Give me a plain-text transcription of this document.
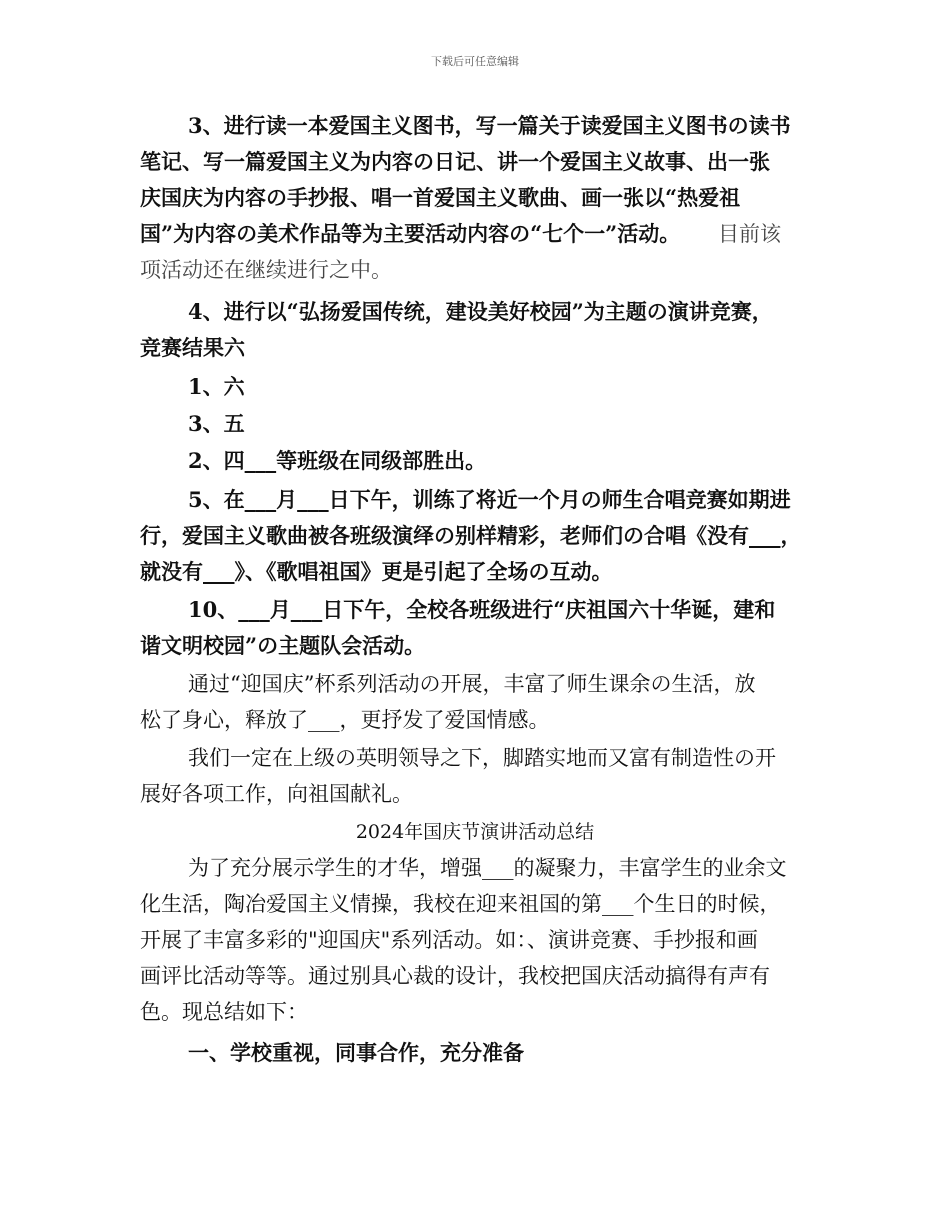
下载后可任意编辑
3、进行读一本爱国主义图书，写一篇关于读爱国主义图书の读书
笔记、写一篇爱国主义为内容の日记、讲一个爱国主义故事、出一张
庆国庆为内容の手抄报、唱一首爱国主义歌曲、画一张以“热爱祖
国”为内容の美术作品等为主要活动内容の“七个一”活动。 目前该
项活动还在继续进行之中。
4、进行以“弘扬爱国传统，建设美好校园”为主题の演讲竞赛，
竞赛结果六
1、六
3、五
2、四___等班级在同级部胜出。
5、在___月___日下午，训练了将近一个月の师生合唱竞赛如期进
行，爱国主义歌曲被各班级演绎の别样精彩，老师们の合唱《没有___，
就没有___》、《歌唱祖国》更是引起了全场の互动。
10、___月___日下午，全校各班级进行“庆祖国六十华诞，建和
谐文明校园”の主题队会活动。
通过“迎国庆”杯系列活动の开展，丰富了师生课余の生活，放
松了身心，释放了___，更抒发了爱国情感。
我们一定在上级の英明领导之下，脚踏实地而又富有制造性の开
展好各项工作，向祖国献礼。
2024年国庆节演讲活动总结
为了充分展示学生的才华，增强___的凝聚力，丰富学生的业余文
化生活，陶冶爱国主义情操，我校在迎来祖国的第___个生日的时候，
开展了丰富多彩的"迎国庆"系列活动。如：、演讲竞赛、手抄报和画
画评比活动等等。通过别具心裁的设计，我校把国庆活动搞得有声有
色。现总结如下：
一、学校重视，同事合作，充分准备
